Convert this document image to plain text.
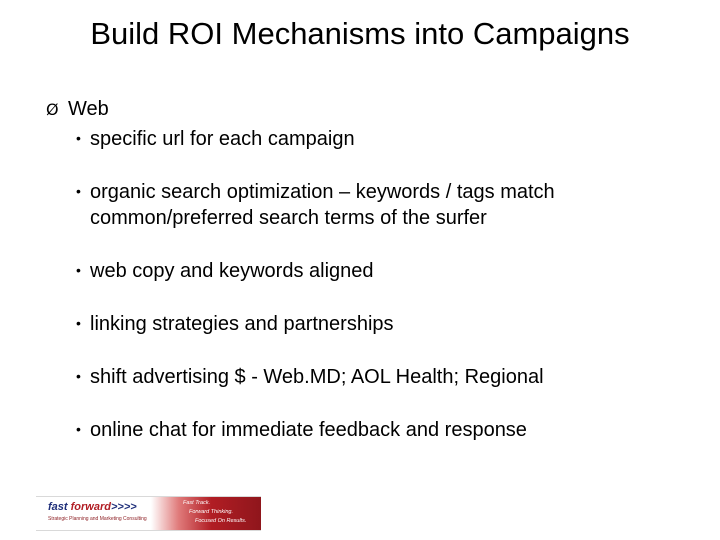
Build ROI Mechanisms into Campaigns
Ø Web
• specific url for each campaign
• organic search optimization – keywords / tags match
common/preferred search terms of the surfer
• web copy and keywords aligned
• linking strategies and partnerships
• shift advertising $ - Web.MD; AOL Health; Regional
• online chat for immediate feedback and response
fast forward>>>>
Strategic Planning and Marketing Consulting
Fast Track.
Forward Thinking.
Focused On Results.
